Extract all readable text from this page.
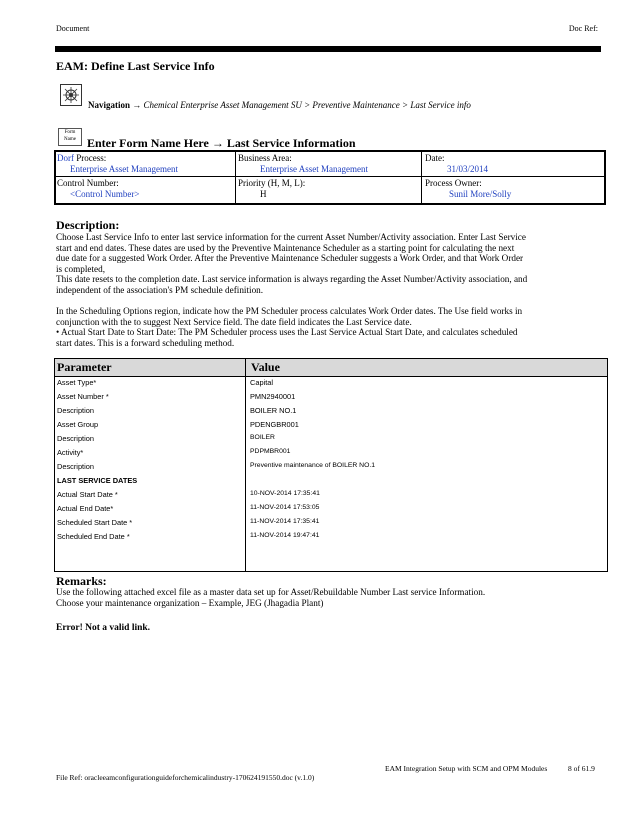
Document	Doc Ref:
EAM: Define Last Service Info
Navigation → Chemical Enterprise Asset Management SU > Preventive Maintenance > Last Service info
Form Name Enter Form Name Here → Last Service Information
Dorf Process:
Enterprise Asset Management
Business Area:
Enterprise Asset Management
Date:
31/03/2014
Control Number:
<Control Number>
Priority (H, M, L):
H
Process Owner:
Sunil More/Solly
Description:
Choose Last Service Info to enter last service information for the current Asset Number/Activity association. Enter Last Service
start and end dates. These dates are used by the Preventive Maintenance Scheduler as a starting point for calculating the next
due date for a suggested Work Order. After the Preventive Maintenance Scheduler suggests a Work Order, and that Work Order
is completed,
This date resets to the completion date. Last service information is always regarding the Asset Number/Activity association, and
independent of the association's PM schedule definition.
In the Scheduling Options region, indicate how the PM Scheduler process calculates Work Order dates. The Use field works in
conjunction with the to suggest Next Service field. The date field indicates the Last Service date.
• Actual Start Date to Start Date: The PM Scheduler process uses the Last Service Actual Start Date, and calculates scheduled
start dates. This is a forward scheduling method.
Parameter	Value
Asset Type*	Capital
Asset Number *	PMN2940001
Description	BOILER NO.1
Asset Group	PDENGBR001
Description	BOILER
Activity*	PDPMBR001
Description	Preventive maintenance of BOILER NO.1
LAST SERVICE DATES
Actual Start Date *	10-NOV-2014 17:35:41
Actual End Date*	11-NOV-2014 17:53:05
Scheduled Start Date *	11-NOV-2014 17:35:41
Scheduled End Date *	11-NOV-2014 19:47:41
Remarks:
Use the following attached excel file as a master data set up for Asset/Rebuildable Number Last service Information.
Choose your maintenance organization – Example, JEG (Jhagadia Plant)
Error! Not a valid link.
EAM Integration Setup with SCM and OPM Modules	8 of 61.9
File Ref: oracleeamconfigurationguideforchemicalindustry-170624191550.doc (v.1.0)
